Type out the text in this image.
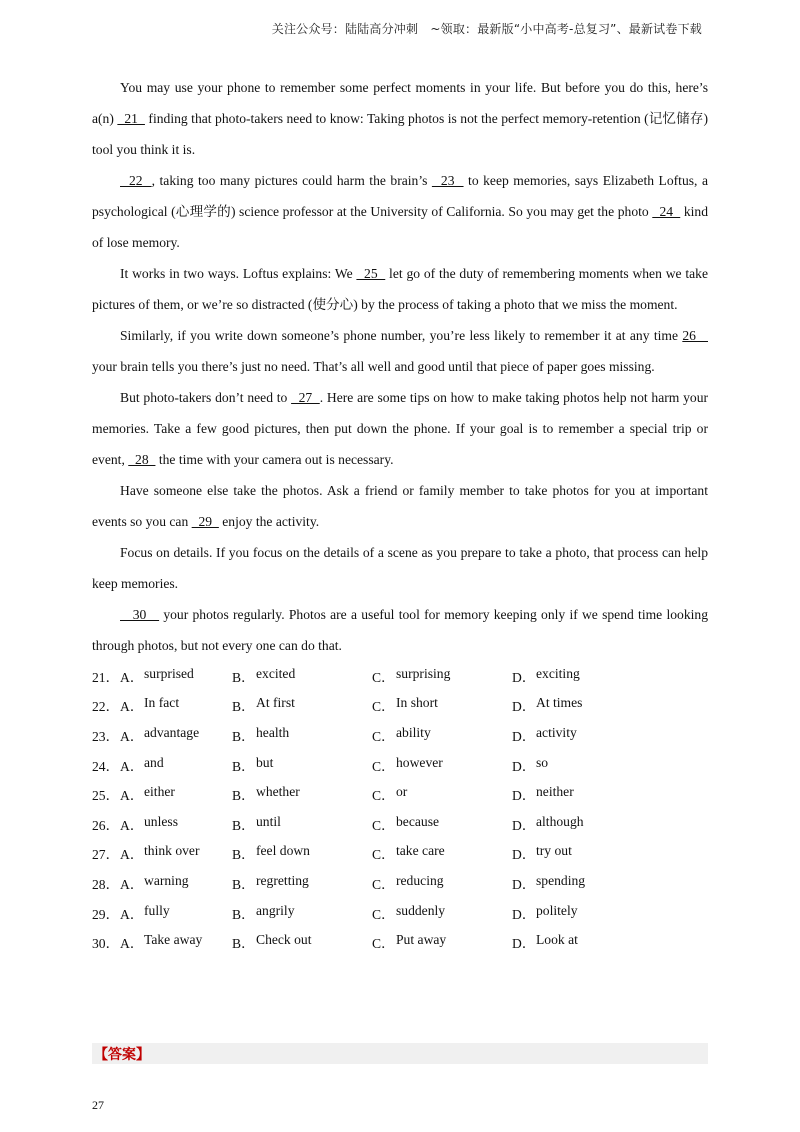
关注公众号：陆陆高分冲刺　~领取：最新版“小中高考-总复习”、最新试卷下载

You may use your phone to remember some perfect moments in your life. But before you do this, here’s a(n)   21   finding that photo-takers need to know: Taking photos is not the perfect memory-retention (记忆储存) tool you think it is.

22  , taking too many pictures could harm the brain’s   23   to keep memories, says Elizabeth Loftus, a psychological (心理学的) science professor at the University of California. So you may get the photo   24   kind of lose memory.

It works in two ways. Loftus explains: We   25   let go of the duty of remembering moments when we take pictures of them, or we’re so distracted (使分心) by the process of taking a photo that we miss the moment.

Similarly, if you write down someone’s phone number, you’re less likely to remember it at any time 26    your brain tells you there’s just no need. That’s all well and good until that piece of paper goes missing.

But photo-takers don’t need to   27  . Here are some tips on how to make taking photos help not harm your memories. Take a few good pictures, then put down the phone. If your goal is to remember a special trip or event,   28   the time with your camera out is necessary.

Have someone else take the photos. Ask a friend or family member to take photos for you at important events so you can   29   enjoy the activity.

Focus on details. If you focus on the details of a scene as you prepare to take a photo, that process can help keep memories.

30    your photos regularly. Photos are a useful tool for memory keeping only if we spend time looking through photos, but not every one can do that.

21． A． surprised	B． excited	C． surprising	D． exciting
22． A． In fact	B． At first	C． In short	D． At times
23． A． advantage B． health	C． ability	D． activity
24． A． and	B． but	C． however	D． so
25． A． either	B． whether	C． or	D． neither
26． A． unless	B． until	C． because	D． although
27． A． think over B． feel down	C． take care	D． try out
28． A． warning	B． regretting	C． reducing	D． spending
29． A． fully	B． angrily	C． suddenly	D． politely
30． A． Take away B． Check out	C． Put away	D． Look at
【答案】
27
